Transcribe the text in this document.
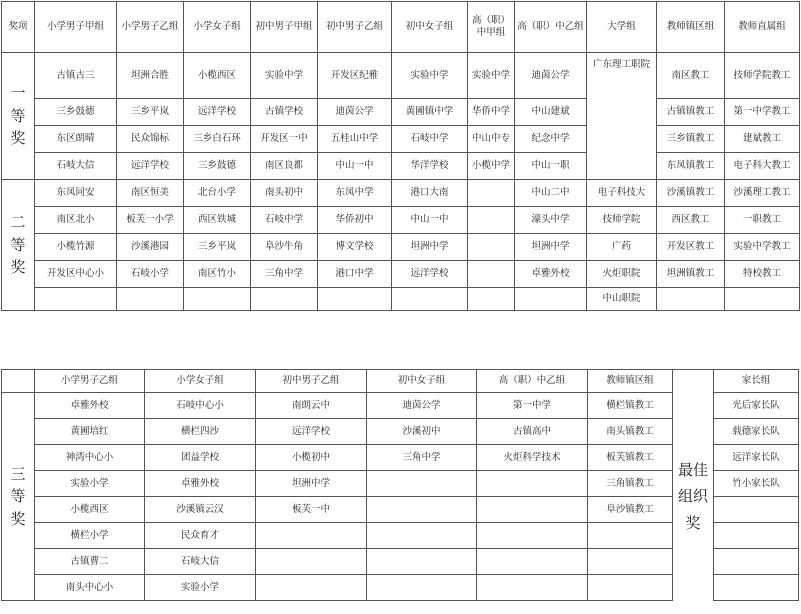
奖项	小学男子甲组	小学男子乙组	小学女子组	初中男子甲组	初中男子乙组	初中女子组	高（职）中甲组	高（职）中乙组	大学组	教师镇区组	教师直属组
一等奖	古镇古三	坦洲合胜	小榄西区	实验中学	开发区纪雅	实验中学	实验中学	迪茵公学	广东理工职院	南区教工	技师学院教工
	三乡鼓德	三乡平岚	远洋学校	古镇学校	迪茵公学	黄圃镇中学	华侨中学	中山建斌		古镇镇教工	第一中学教工
	东区朗晴	民众锦标	三乡白石环	开发区一中	五桂山中学	石岐中学	中山中专	纪念中学		三乡镇教工	建斌教工
	石岐大信	远洋学校	三乡鼓德	南区良都	中山一中	华洋学校	小榄中学	中山一职		东凤镇教工	电子科大教工
二等奖	东凤同安	南区恒美	北台小学	南头初中	东凤中学	港口大南		中山二中	电子科技大	沙溪镇教工	沙溪理工教工
	南区北小	板芙一小学	西区铁城	石岐中学	华侨初中	中山一中		濠头中学	技师学院	西区教工	一职教工
	小榄竹源	沙溪港园	三乡平岚	阜沙牛角	博文学校	坦洲中学		坦洲中学	广药	开发区教工	实验中学教工
	开发区中心小	石岐小学	南区竹小	三角中学	港口中学	远洋学校		卓雅外校	火炬职院	坦洲镇教工	特校教工
									中山职院		
	小学男子乙组	小学女子组	初中男子乙组	初中女子组	高（职）中乙组	教师镇区组		家长组
三等奖	卓雅外校	石岐中心小	南朗云中	迪茵公学	第一中学	横栏镇教工	最佳组织奖	光后家长队
	黄圃培红	横栏四沙	远洋学校	沙溪初中	古镇高中	南头镇教工		载德家长队
	神湾中心小	团益学校	小榄初中	三角中学	火炬科学技术	板芙镇教工		远洋家长队
	实验小学	卓雅外校	坦洲中学			三角镇教工		竹小家长队
	小榄西区	沙溪镇云汉	板芙一中			阜沙镇教工		
	横栏小学	民众育才						
	古镇曹二	石岐大信						
	南头中心小	实验小学						
